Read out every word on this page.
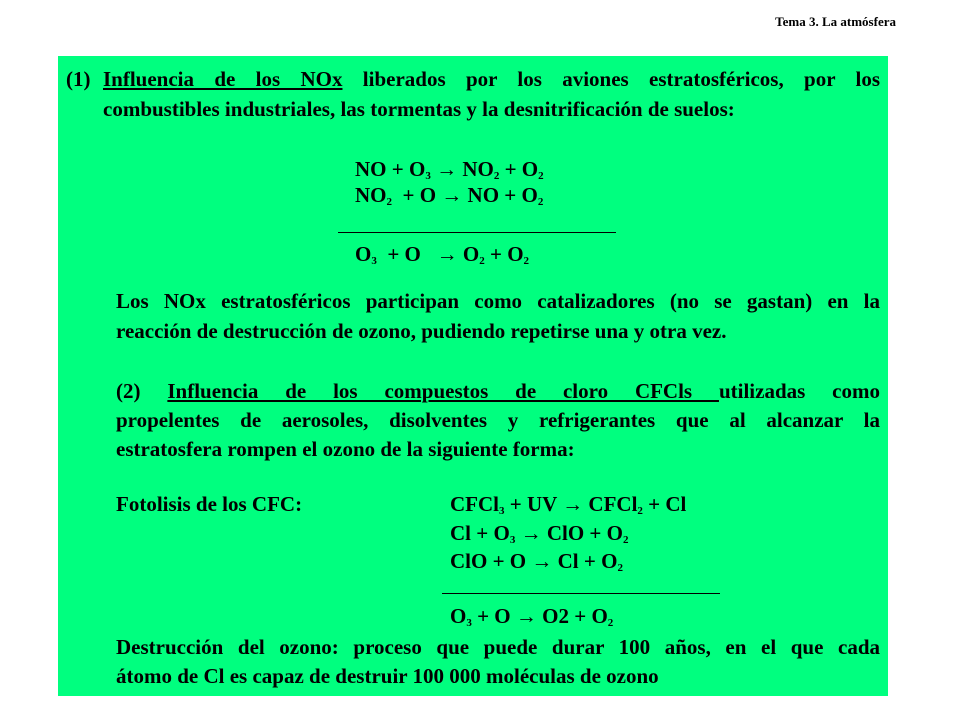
Tema 3. La atmósfera
(1) Influencia de los NOx liberados por los aviones estratosféricos, por los
combustibles industriales, las tormentas y la desnitrificación de suelos:
NO + $O_3 \to NO_2 + O_2$
$NO_2 + O$ → NO + $O_2$
$O_3 + O \to O_2 + O_2$
Los NOx estratosféricos participan como catalizadores (no se gastan) en la
reacción de destrucción de ozono, pudiendo repetirse una y otra vez.
(2) Influencia de los compuestos de cloro CFCls utilizadas como
propelentes de aerosoles, disolventes y refrigerantes que al alcanzar la
estratosfera rompen el ozono de la siguiente forma:
Fotolisis de los CFC:	CFCl$_3$ + UV → CFCl$_2$ + Cl
$Cl + O_3$ → ClO + $O_2$
ClO + $O \to Cl + O_2$
$O_3 + O \to O2 + O_2$
Destrucción del ozono: proceso que puede durar 100 años, en el que cada
átomo de Cl es capaz de destruir 100 000 moléculas de ozono
